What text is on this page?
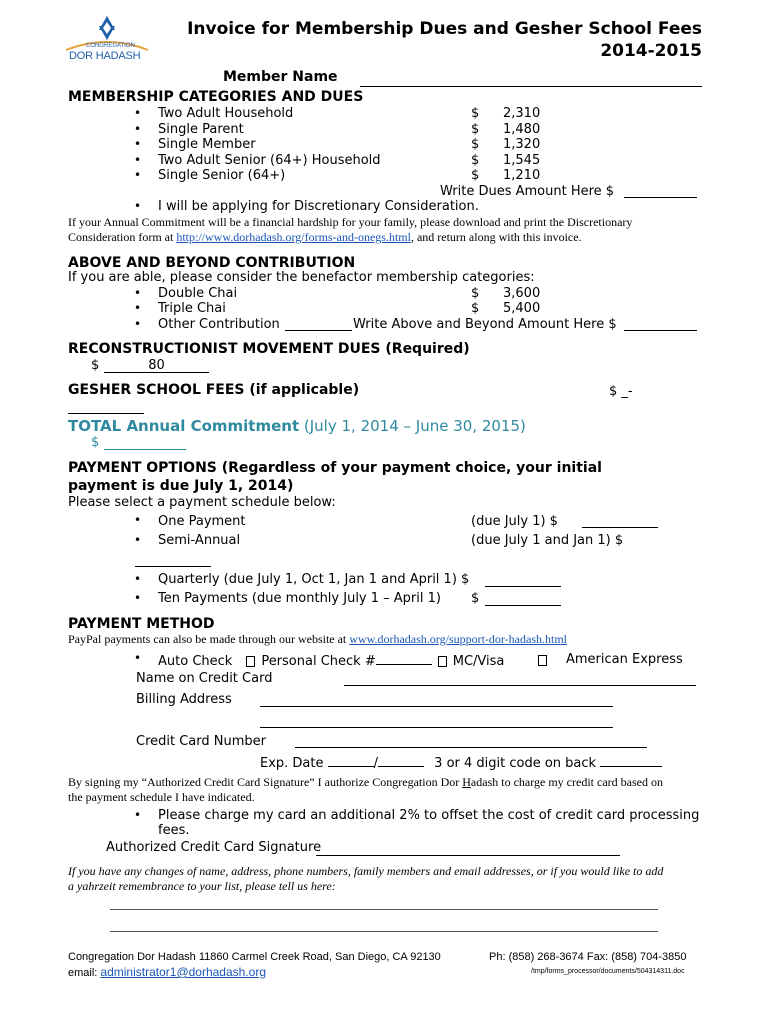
CONGREGATION
DOR HADASH
Invoice for Membership Dues and Gesher School Fees
2014-2015
Member Name
MEMBERSHIP CATEGORIES AND DUES
• Two Adult Household	$ 2,310
• Single Parent	$ 1,480
• Single Member	$ 1,320
• Two Adult Senior (64+) Household	$ 1,545
• Single Senior (64+)	$ 1,210
Write Dues Amount Here $
• I will be applying for Discretionary Consideration.
If your Annual Commitment will be a financial hardship for your family, please download and print the Discretionary
Consideration form at http://www.dorhadash.org/forms-and-onegs.html, and return along with this invoice.
ABOVE AND BEYOND CONTRIBUTION
If you are able, please consider the benefactor membership categories:
• Double Chai	$ 3,600
• Triple Chai	$ 5,400
• Other Contribution	Write Above and Beyond Amount Here $
RECONSTRUCTIONIST MOVEMENT DUES (Required)
$	80
GESHER SCHOOL FEES (if applicable)	$ _-
TOTAL Annual Commitment (July 1, 2014 – June 30, 2015)
$
PAYMENT OPTIONS (Regardless of your payment choice, your initial
payment is due July 1, 2014)
Please select a payment schedule below:
• One Payment	(due July 1) $
• Semi-Annual	(due July 1 and Jan 1) $
• Quarterly (due July 1, Oct 1, Jan 1 and April 1) $
• Ten Payments (due monthly July 1 – April 1) $
PAYMENT METHOD
PayPal payments can also be made through our website at www.dorhadash.org/support-dor-hadash.html
• Auto Check Personal Check #	MC/Visa	American Express
Name on Credit Card
Billing Address
Credit Card Number
Exp. Date	/	3 or 4 digit code on back
By signing my “Authorized Credit Card Signature” I authorize Congregation Dor Hadash to charge my credit card based on
the payment schedule I have indicated.
• Please charge my card an additional 2% to offset the cost of credit card processing
fees.
Authorized Credit Card Signature
If you have any changes of name, address, phone numbers, family members and email addresses, or if you would like to add
a yahrzeit remembrance to your list, please tell us here:
Congregation Dor Hadash 11860 Carmel Creek Road, San Diego, CA 92130	Ph: (858) 268-3674 Fax: (858) 704-3850
email: administrator1@dorhadash.org	/tmp/forms_processor/documents/504314311.doc
